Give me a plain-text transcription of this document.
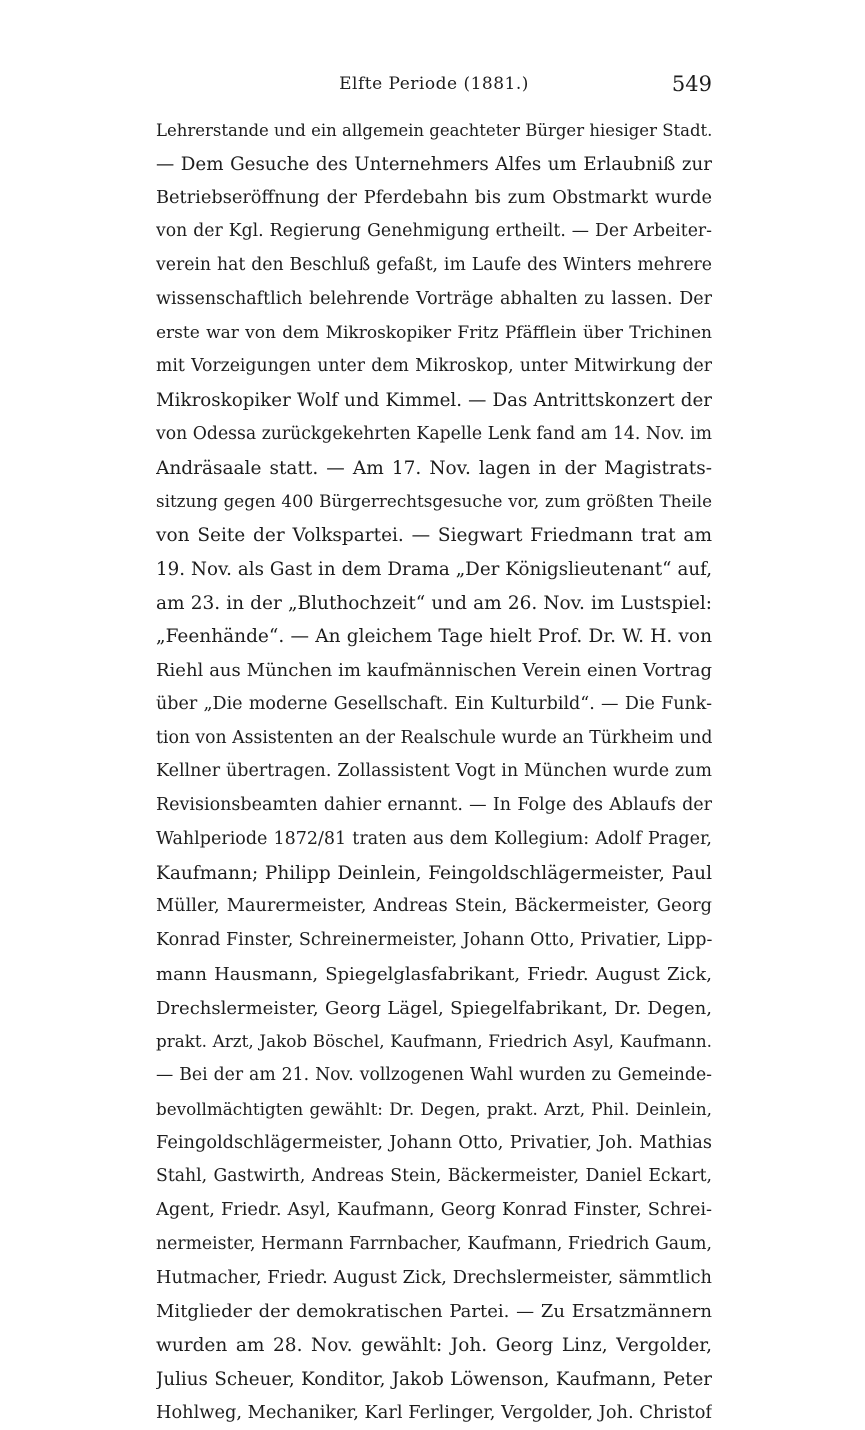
Elfte Periode (1881.)	549
Lehrerstande und ein allgemein geachteter Bürger hiesiger Stadt.
— Dem Gesuche des Unternehmers Alfes um Erlaubniß zur
Betriebseröffnung der Pferdebahn bis zum Obstmarkt wurde
von der Kgl. Regierung Genehmigung ertheilt. — Der Arbeiter-
verein hat den Beschluß gefaßt, im Laufe des Winters mehrere
wissenschaftlich belehrende Vorträge abhalten zu lassen. Der
erste war von dem Mikroskopiker Fritz Pfäfflein über Trichinen
mit Vorzeigungen unter dem Mikroskop, unter Mitwirkung der
Mikroskopiker Wolf und Kimmel. — Das Antrittskonzert der
von Odessa zurückgekehrten Kapelle Lenk fand am 14. Nov. im
Andräsaale statt. — Am 17. Nov. lagen in der Magistrats-
sitzung gegen 400 Bürgerrechtsgesuche vor, zum größten Theile
von Seite der Volkspartei. — Siegwart Friedmann trat am
19. Nov. als Gast in dem Drama „Der Königslieutenant“ auf,
am 23. in der „Bluthochzeit“ und am 26. Nov. im Lustspiel:
„Feenhände“. — An gleichem Tage hielt Prof. Dr. W. H. von
Riehl aus München im kaufmännischen Verein einen Vortrag
über „Die moderne Gesellschaft. Ein Kulturbild“. — Die Funk-
tion von Assistenten an der Realschule wurde an Türkheim und
Kellner übertragen. Zollassistent Vogt in München wurde zum
Revisionsbeamten dahier ernannt. — In Folge des Ablaufs der
Wahlperiode 1872/81 traten aus dem Kollegium: Adolf Prager,
Kaufmann; Philipp Deinlein, Feingoldschlägermeister, Paul
Müller, Maurermeister, Andreas Stein, Bäckermeister, Georg
Konrad Finster, Schreinermeister, Johann Otto, Privatier, Lipp-
mann Hausmann, Spiegelglasfabrikant, Friedr. August Zick,
Drechslermeister, Georg Lägel, Spiegelfabrikant, Dr. Degen,
prakt. Arzt, Jakob Böschel, Kaufmann, Friedrich Asyl, Kaufmann.
— Bei der am 21. Nov. vollzogenen Wahl wurden zu Gemeinde-
bevollmächtigten gewählt: Dr. Degen, prakt. Arzt, Phil. Deinlein,
Feingoldschlägermeister, Johann Otto, Privatier, Joh. Mathias
Stahl, Gastwirth, Andreas Stein, Bäckermeister, Daniel Eckart,
Agent, Friedr. Asyl, Kaufmann, Georg Konrad Finster, Schrei-
nermeister, Hermann Farrnbacher, Kaufmann, Friedrich Gaum,
Hutmacher, Friedr. August Zick, Drechslermeister, sämmtlich
Mitglieder der demokratischen Partei. — Zu Ersatzmännern
wurden am 28. Nov. gewählt: Joh. Georg Linz, Vergolder,
Julius Scheuer, Konditor, Jakob Löwenson, Kaufmann, Peter
Hohlweg, Mechaniker, Karl Ferlinger, Vergolder, Joh. Christof
